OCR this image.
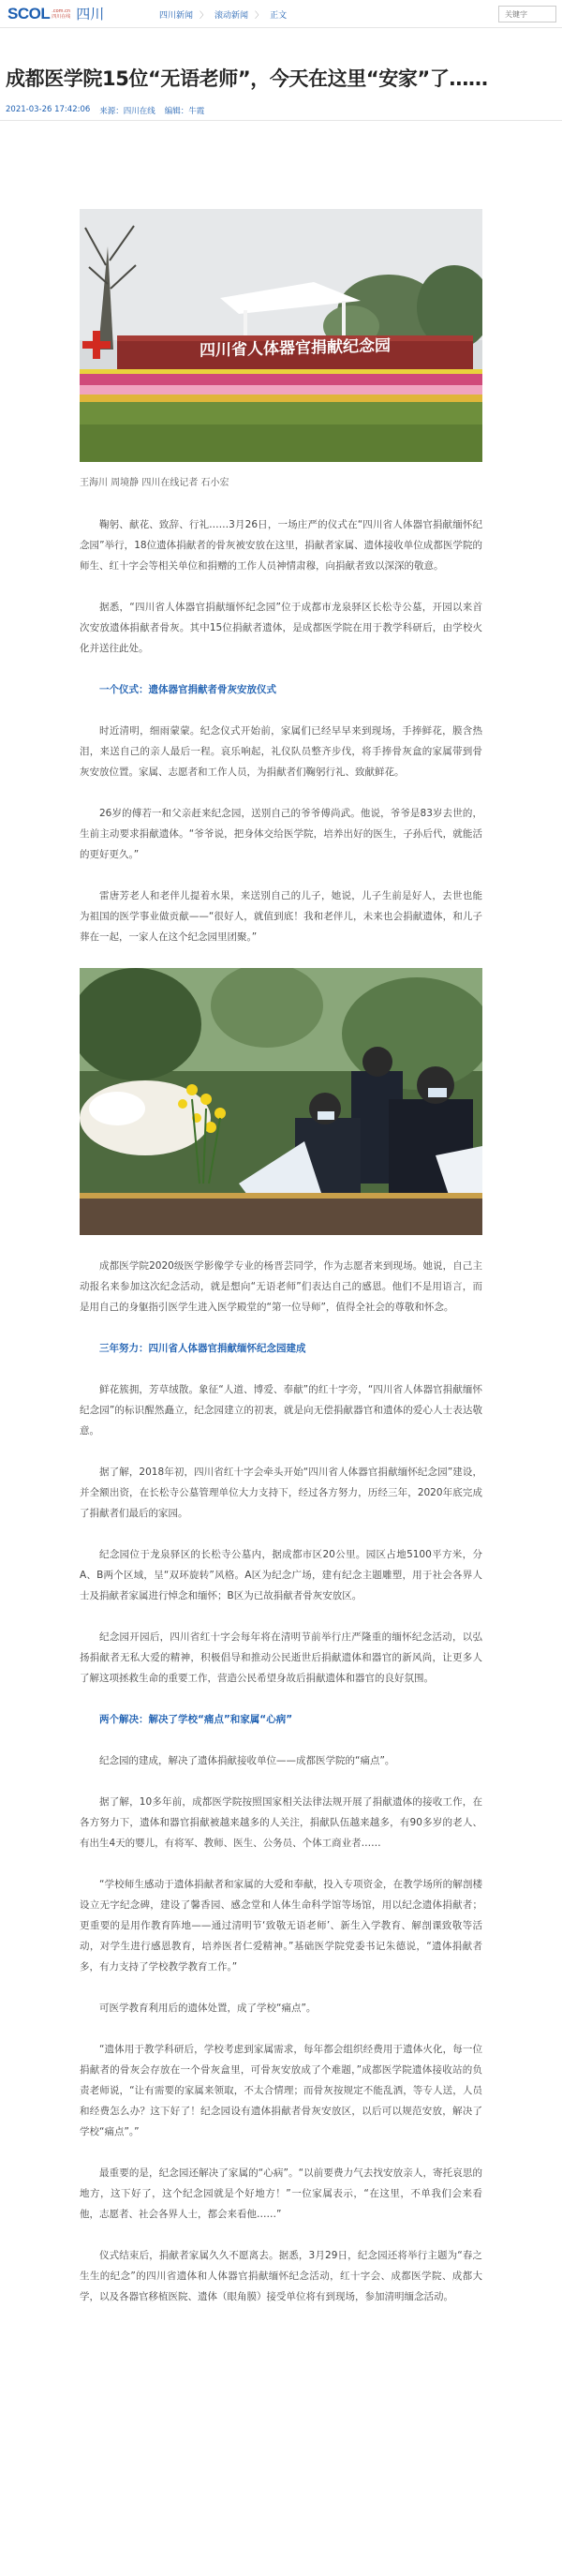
SCOL .com.cn
四川在线 四川	四川新闻 〉 滚动新闻 〉 正文	关键字
成都医学院15位“无语老师”，今天在这里“安家”了……
2021-03-26 17:42:06 来源：四川在线 编辑：牛霞
四川省人体器官捐献纪念园

王海川 周境静 四川在线记者 石小宏

鞠躬、献花、致辞、行礼……3月26日，一场庄严的仪式在“四川省人体器官捐献缅怀纪念园”举行，18位遗体捐献者的骨灰被安放在这里，捐献者家属、遗体接收单位成都医学院的师生、红十字会等相关单位和捐赠的工作人员神情肃穆，向捐献者致以深深的敬意。

据悉，“四川省人体器官捐献缅怀纪念园”位于成都市龙泉驿区长松寺公墓，开园以来首次安放遗体捐献者骨灰。其中15位捐献者遗体，是成都医学院在用于教学科研后，由学校火化并送往此处。

一个仪式：遗体器官捐献者骨灰安放仪式

时近清明，细雨蒙蒙。纪念仪式开始前，家属们已经早早来到现场，手捧鲜花，膜含热泪，来送自己的亲人最后一程。哀乐响起，礼仪队员整齐步伐，将手捧骨灰盒的家属带到骨灰安放位置。家属、志愿者和工作人员，为捐献者们鞠躬行礼、致献鲜花。

26岁的傅若一和父亲赶来纪念园，送别自己的爷爷傅尚武。他说，爷爷是83岁去世的，生前主动要求捐献遗体。“爷爷说，把身体交给医学院，培养出好的医生，子孙后代，就能活的更好更久。”

雷唐芳老人和老伴儿提着水果，来送别自己的儿子，她说，儿子生前是好人，去世也能为祖国的医学事业做贡献——“很好人，就值到底！我和老伴儿，未来也会捐献遗体，和儿子葬在一起，一家人在这个纪念园里团聚。”

成都医学院2020级医学影像学专业的杨晋芸同学，作为志愿者来到现场。她说，自己主动报名来参加这次纪念活动，就是想向“无语老师”们表达自己的感恩。他们不是用语言，而是用自己的身躯指引医学生进入医学殿堂的“第一位导师”，值得全社会的尊敬和怀念。

三年努力：四川省人体器官捐献缅怀纪念园建成

鲜花簇拥，芳草绒散。象征“人道、博爱、奉献”的红十字旁，“四川省人体器官捐献缅怀纪念园”的标识醒然矗立，纪念园建立的初衷，就是向无偿捐献器官和遗体的爱心人士表达敬意。

据了解，2018年初，四川省红十字会牵头开始“四川省人体器官捐献缅怀纪念园”建设，并全额出资，在长松寺公墓管理单位大力支持下，经过各方努力，历经三年，2020年底完成了捐献者们最后的家园。

纪念园位于龙泉驿区的长松寺公墓内，据成都市区20公里。园区占地5100平方米，分A、B两个区域，呈“双环旋转”风格。A区为纪念广场，建有纪念主题雕塑，用于社会各界人士及捐献者家属进行悼念和缅怀；B区为已故捐献者骨灰安放区。

纪念园开园后，四川省红十字会每年将在清明节前举行庄严隆重的缅怀纪念活动，以弘扬捐献者无私大爱的精神，积极倡导和推动公民逝世后捐献遗体和器官的新风尚，让更多人了解这项拯救生命的重要工作，营造公民希望身故后捐献遗体和器官的良好氛围。

两个解决：解决了学校“痛点”和家属“心病”

纪念园的建成，解决了遗体捐献接收单位——成都医学院的“痛点”。

据了解，10多年前，成都医学院按照国家相关法律法规开展了捐献遗体的接收工作，在各方努力下，遗体和器官捐献被越来越多的人关注，捐献队伍越来越多，有90多岁的老人、有出生4天的婴儿，有将军、教师、医生、公务员、个体工商业者……

“学校师生感动于遗体捐献者和家属的大爱和奉献，投入专项资金，在教学场所的解剖楼设立无字纪念碑，建设了馨香园、感念堂和人体生命科学馆等场馆，用以纪念遗体捐献者；更重要的是用作教育阵地——通过清明节‘致敬无语老师’、新生入学教育、解剖课致敬等活动，对学生进行感恩教育，培养医者仁爱精神。”基础医学院党委书记朱德说，“遗体捐献者多，有力支持了学校教学教育工作。”

可医学教育利用后的遗体处置，成了学校“痛点”。

“遗体用于教学科研后，学校考虑到家属需求，每年都会组织经费用于遗体火化，每一位捐献者的骨灰会存放在一个骨灰盒里，可骨灰安放成了个难题，”成都医学院遗体接收站的负责老师说，“让有需要的家属来领取，不太合情理；而骨灰按规定不能乱洒，等专人送，人员和经费怎么办？这下好了！纪念园设有遗体捐献者骨灰安放区，以后可以规范安放，解决了学校“痛点”。”

最重要的是，纪念园还解决了家属的“心病”。“以前要费力气去找安放亲人，寄托哀思的地方，这下好了，这个纪念园就是个好地方！”一位家属表示，“在这里，不单我们会来看他，志愿者、社会各界人士，都会来看他……”

仪式结束后，捐献者家属久久不愿离去。据悉，3月29日，纪念园还将举行主题为“春之生生的纪念”的四川省遗体和人体器官捐献缅怀纪念活动，红十字会、成都医学院、成都大学，以及各器官移植医院、遗体（眼角膜）接受单位将有到现场，参加清明缅念活动。
